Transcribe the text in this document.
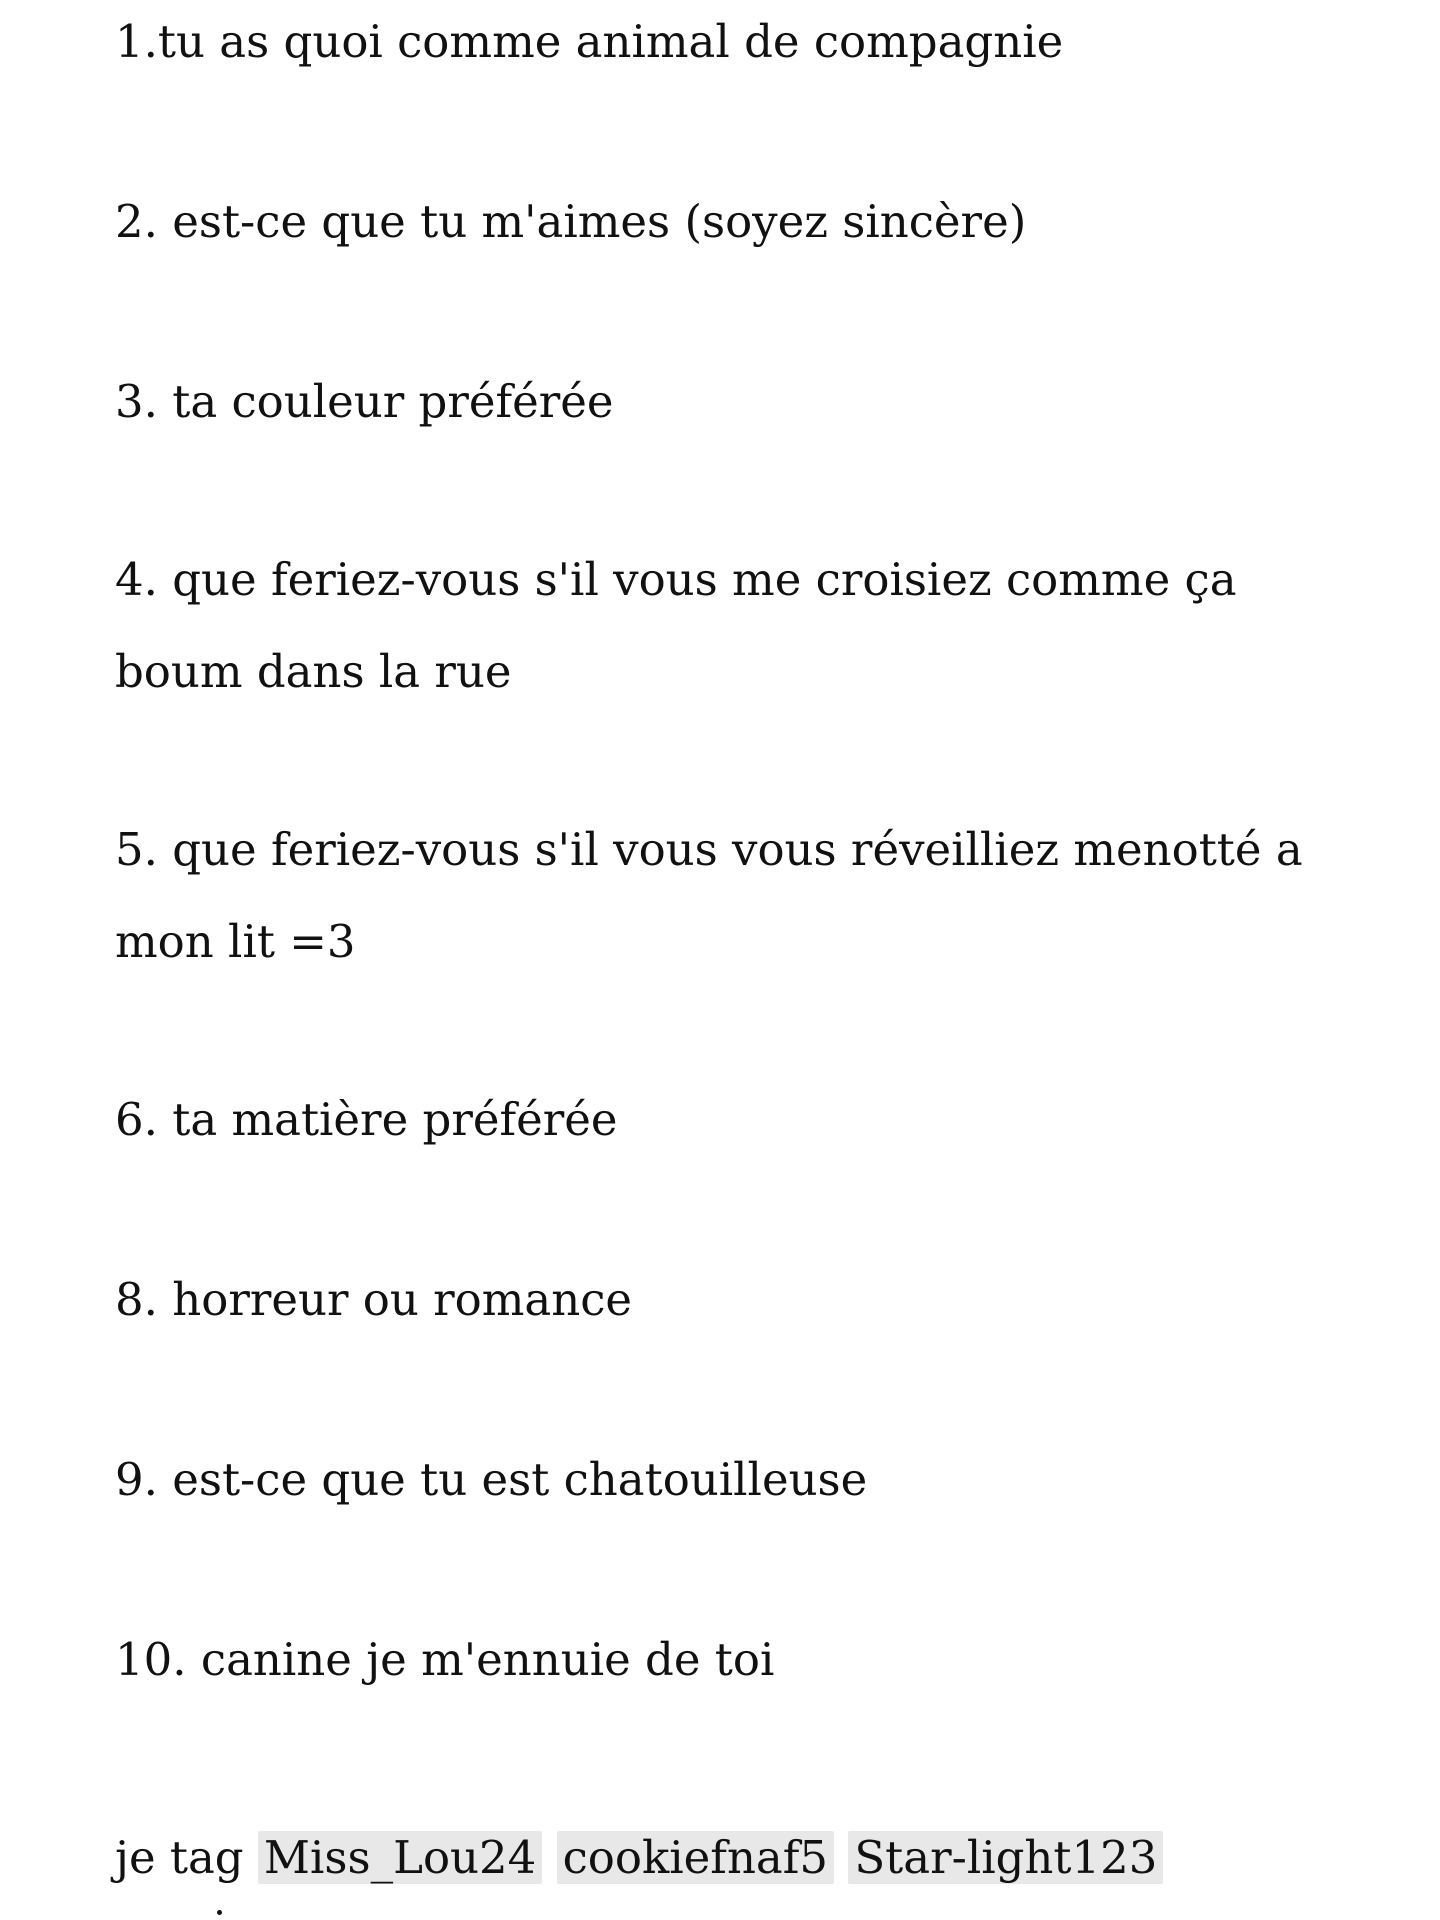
1.tu as quoi comme animal de compagnie

2. est-ce que tu m'aimes (soyez sincère)

3. ta couleur préférée

4. que feriez-vous s'il vous me croisiez comme ça boum dans la rue

5. que feriez-vous s'il vous vous réveilliez menotté a mon lit =3

6. ta matière préférée

8. horreur ou romance

9. est-ce que tu est chatouilleuse

10. canine je m'ennuie de toi

je tag Miss_Lou24 cookiefnaf5 Star-light123
